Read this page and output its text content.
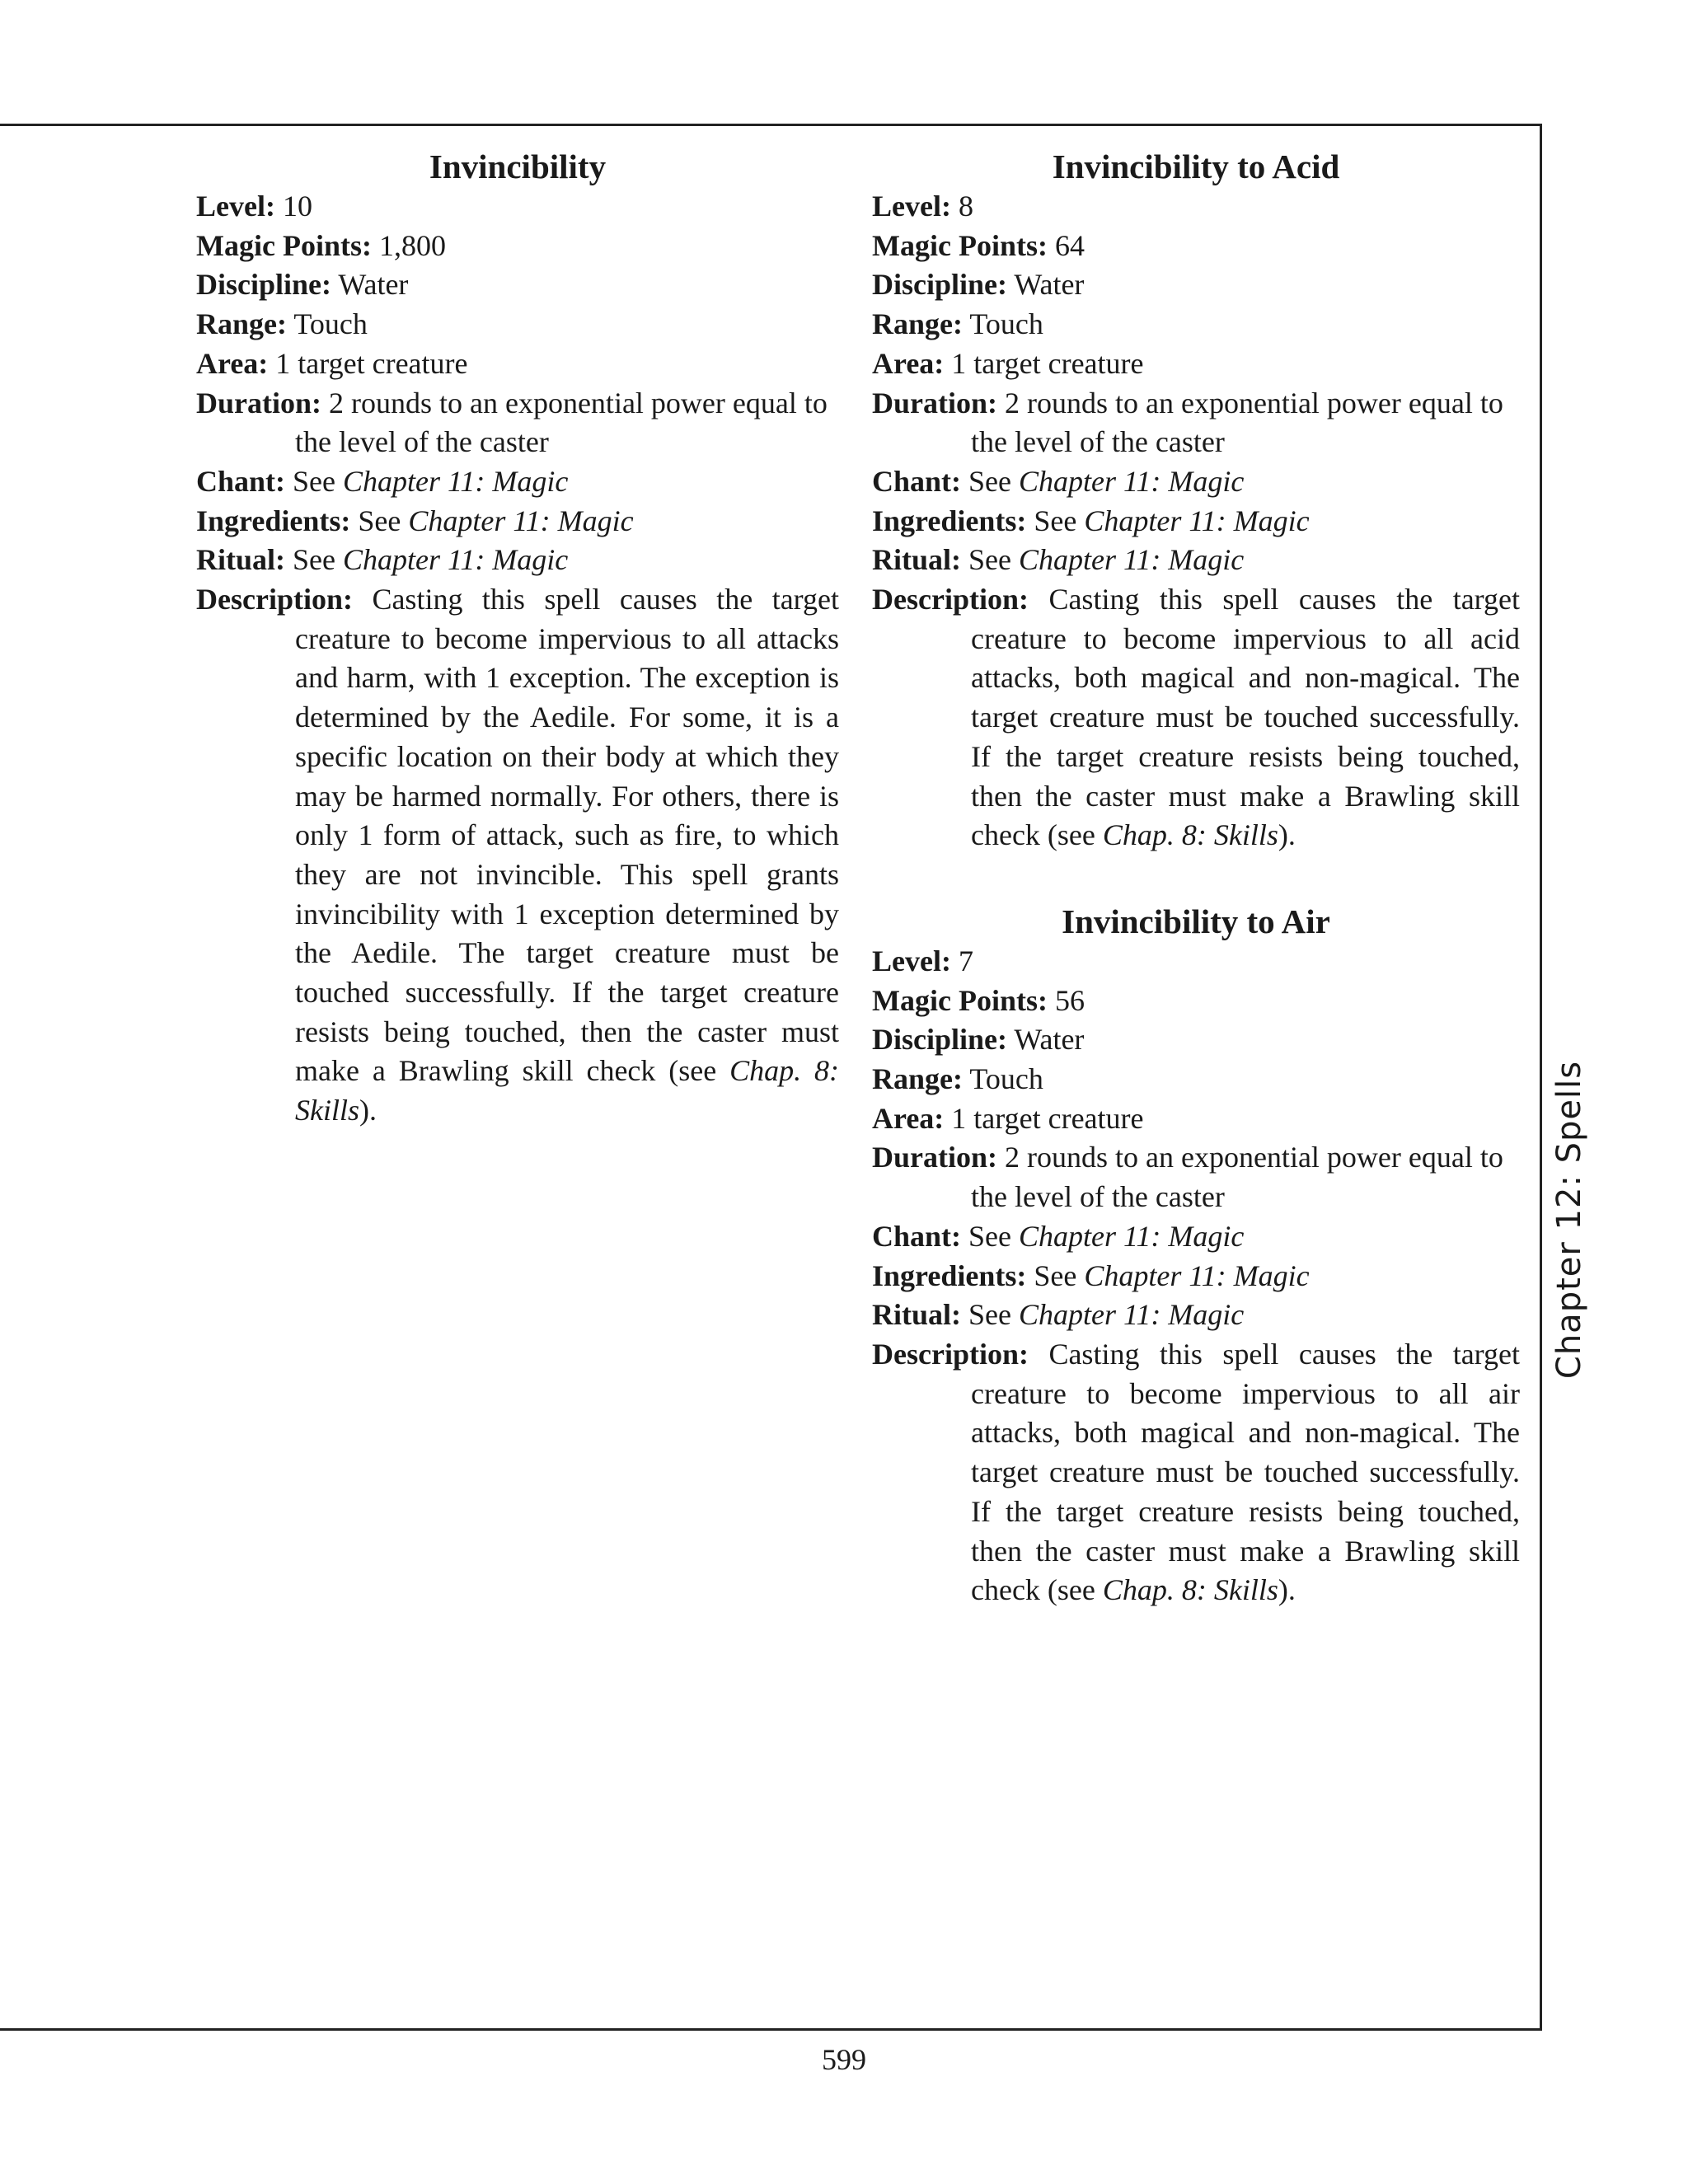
Invincibility

Level: 10

Magic Points: 1,800

Discipline: Water

Range: Touch

Area: 1 target creature

Duration: 2 rounds to an exponential power equal to the level of the caster

Chant: See Chapter 11: Magic

Ingredients: See Chapter 11: Magic

Ritual: See Chapter 11: Magic

Description: Casting this spell causes the target creature to become impervious to all attacks and harm, with 1 exception. The exception is determined by the Aedile. For some, it is a specific location on their body at which they may be harmed normally. For others, there is only 1 form of attack, such as fire, to which they are not invincible. This spell grants invincibility with 1 exception determined by the Aedile. The target creature must be touched successfully. If the target creature resists being touched, then the caster must make a Brawling skill check (see Chap. 8: Skills).

Invincibility to Acid

Level: 8

Magic Points: 64

Discipline: Water

Range: Touch

Area: 1 target creature

Duration: 2 rounds to an exponential power equal to the level of the caster

Chant: See Chapter 11: Magic

Ingredients: See Chapter 11: Magic

Ritual: See Chapter 11: Magic

Description: Casting this spell causes the target creature to become impervious to all acid attacks, both magical and non-magical. The target creature must be touched successfully. If the target creature resists being touched, then the caster must make a Brawling skill check (see Chap. 8: Skills).

Invincibility to Air

Level: 7

Magic Points: 56

Discipline: Water

Range: Touch

Area: 1 target creature

Duration: 2 rounds to an exponential power equal to the level of the caster

Chant: See Chapter 11: Magic

Ingredients: See Chapter 11: Magic

Ritual: See Chapter 11: Magic

Description: Casting this spell causes the target creature to become impervious to all air attacks, both magical and non-magical. The target creature must be touched successfully. If the target creature resists being touched, then the caster must make a Brawling skill check (see Chap. 8: Skills).

Chapter 12: Spells
599
